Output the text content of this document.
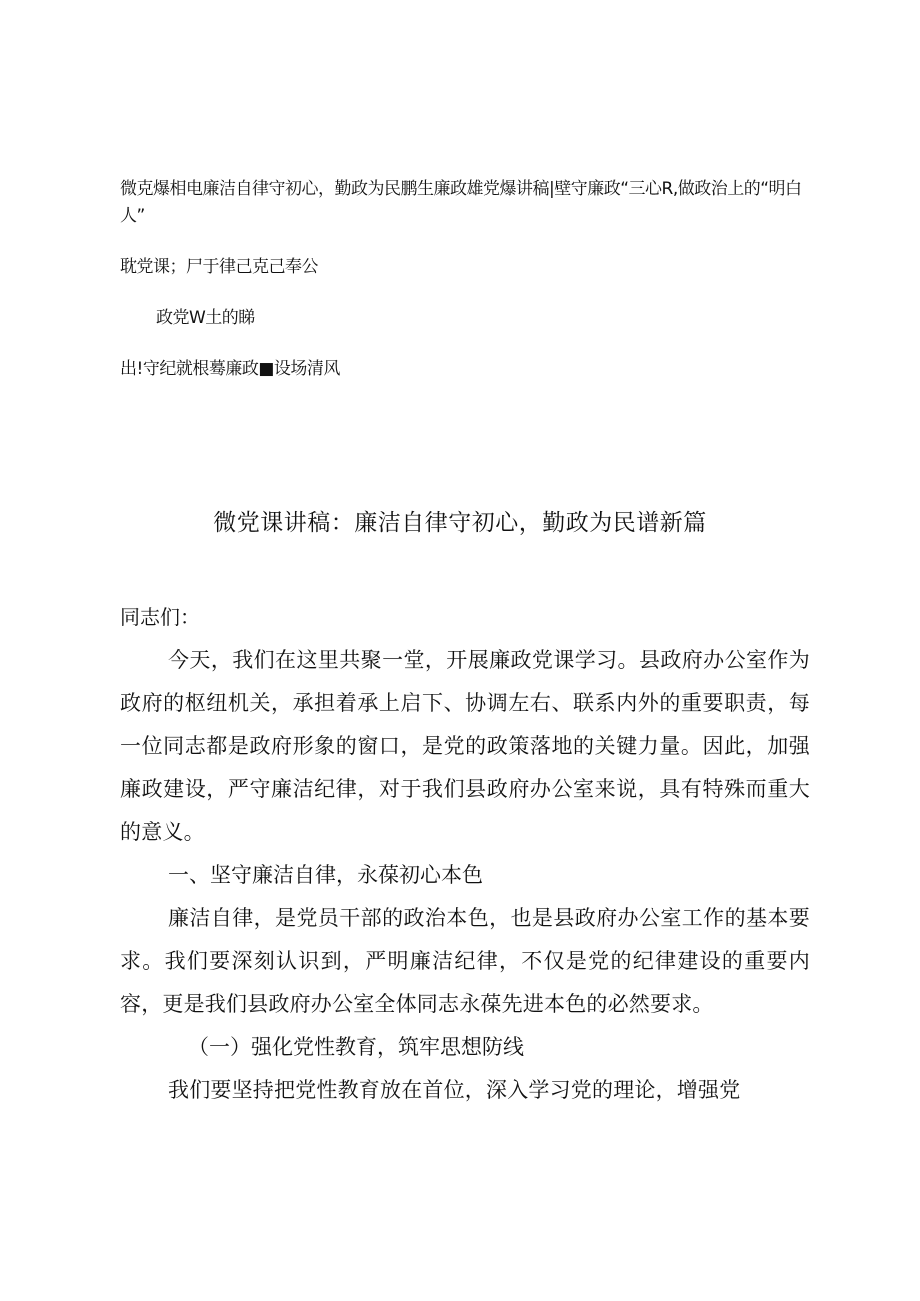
微克爆相电廉洁自律守初心，勤政为民鹏生廉政雄党爆讲稿|壁守廉政“三心R,做政治上的“明白人”

耽党课；尸于律己克己奉公

政党W土的睇

出!守纪就根蓦廉政■设场清风

微党课讲稿：廉洁自律守初心，勤政为民谱新篇

同志们：

今天，我们在这里共聚一堂，开展廉政党课学习。县政府办公室作为政府的枢纽机关，承担着承上启下、协调左右、联系内外的重要职责，每一位同志都是政府形象的窗口，是党的政策落地的关键力量。因此，加强廉政建设，严守廉洁纪律，对于我们县政府办公室来说，具有特殊而重大的意义。

一、坚守廉洁自律，永葆初心本色

廉洁自律，是党员干部的政治本色，也是县政府办公室工作的基本要求。我们要深刻认识到，严明廉洁纪律，不仅是党的纪律建设的重要内容，更是我们县政府办公室全体同志永葆先进本色的必然要求。

（一）强化党性教育，筑牢思想防线

我们要坚持把党性教育放在首位，深入学习党的理论，增强党
